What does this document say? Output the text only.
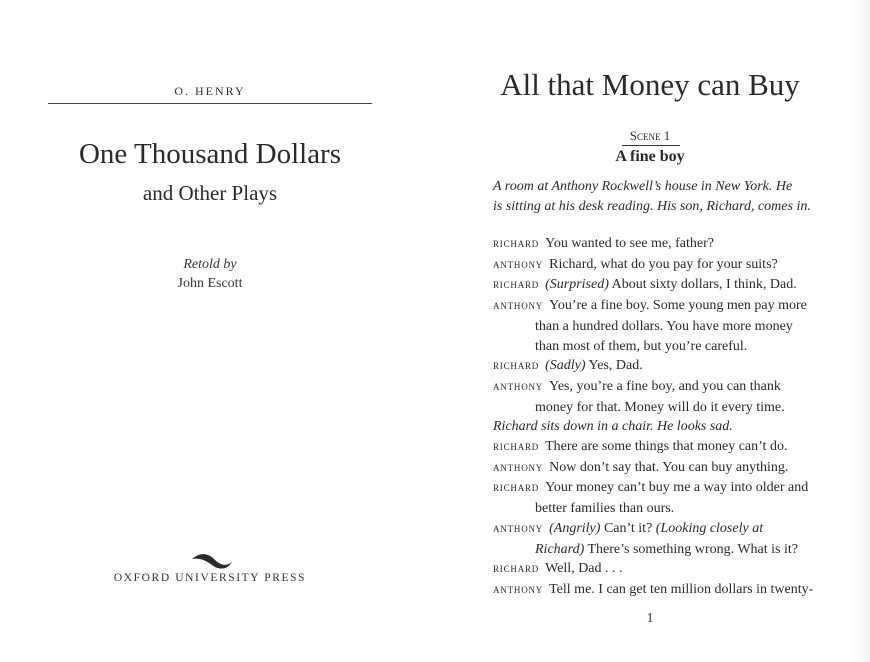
O. HENRY
One Thousand Dollars
and Other Plays
Retold by
John Escott
OXFORD UNIVERSITY PRESS
All that Money can Buy
Scene 1
A fine boy
A room at Anthony Rockwell’s house in New York. He
is sitting at his desk reading. His son, Richard, comes in.
RICHARD You wanted to see me, father?
ANTHONY Richard, what do you pay for your suits?
RICHARD (Surprised) About sixty dollars, I think, Dad.
ANTHONY You’re a fine boy. Some young men pay more
than a hundred dollars. You have more money
than most of them, but you’re careful.
RICHARD (Sadly) Yes, Dad.
ANTHONY Yes, you’re a fine boy, and you can thank
money for that. Money will do it every time.
Richard sits down in a chair. He looks sad.
RICHARD There are some things that money can’t do.
ANTHONY Now don’t say that. You can buy anything.
RICHARD Your money can’t buy me a way into older and
better families than ours.
ANTHONY (Angrily) Can’t it? (Looking closely at
Richard) There’s something wrong. What is it?
RICHARD Well, Dad . . .
ANTHONY Tell me. I can get ten million dollars in twenty-
1
